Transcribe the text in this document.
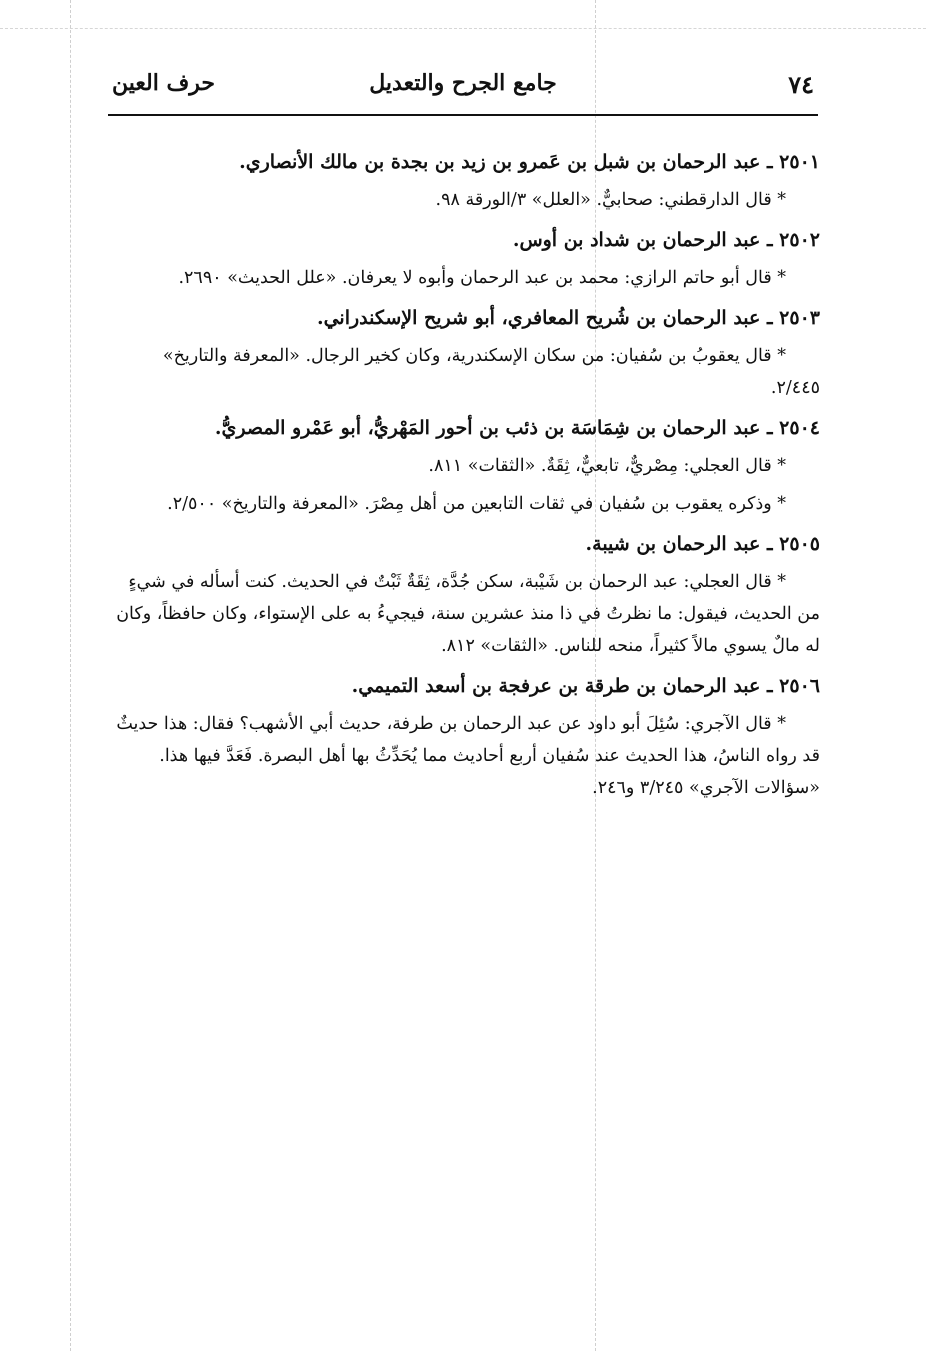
٧٤
جامع الجرح والتعديل
حرف العين

٢٥٠١ ـ عبد الرحمان بن شبل بن عَمرو بن زيد بن بجدة بن مالك الأنصاري.

* قال الدارقطني: صحابيٌّ. «العلل» ٣/الورقة ٩٨.

٢٥٠٢ ـ عبد الرحمان بن شداد بن أوس.

* قال أبو حاتم الرازي: محمد بن عبد الرحمان وأبوه لا يعرفان. «علل الحديث» ٢٦٩٠.

٢٥٠٣ ـ عبد الرحمان بن شُريح المعافري، أبو شريح الإسكندراني.

* قال يعقوبُ بن سُفيان: من سكان الإسكندرية، وكان كخير الرجال. «المعرفة والتاريخ» ٢/٤٤٥.

٢٥٠٤ ـ عبد الرحمان بن شِمَاسَة بن ذئب بن أحور المَهْريُّ، أبو عَمْرو المصريُّ.

* قال العجلي: مِصْريٌّ، تابعيٌّ، ثِقَةٌ. «الثقات» ٨١١.

* وذكره يعقوب بن سُفيان في ثقات التابعين من أهل مِصْرَ. «المعرفة والتاريخ» ٢/٥٠٠.

٢٥٠٥ ـ عبد الرحمان بن شيبة.

* قال العجلي: عبد الرحمان بن شَيْبة، سكن جُدَّة، ثِقَةٌ ثَبْتٌ في الحديث. كنت أسأله في شيءٍ من الحديث، فيقول: ما نظرتُ في ذا منذ عشرين سنة، فيجيءُ به على الإستواء، وكان حافظاً، وكان له مالٌ يسوي مالاً كثيراً، منحه للناس. «الثقات» ٨١٢.

٢٥٠٦ ـ عبد الرحمان بن طرقة بن عرفجة بن أسعد التميمي.

* قال الآجري: سُئِلَ أبو داود عن عبد الرحمان بن طرفة، حديث أبي الأشهب؟ فقال: هذا حديثٌ قد رواه الناسُ، هذا الحديث عند سُفيان أربع أحاديث مما يُحَدِّثُ بها أهل البصرة. فَعَدَّ فيها هذا. «سؤالات الآجري» ٣/٢٤٥ و٢٤٦.
